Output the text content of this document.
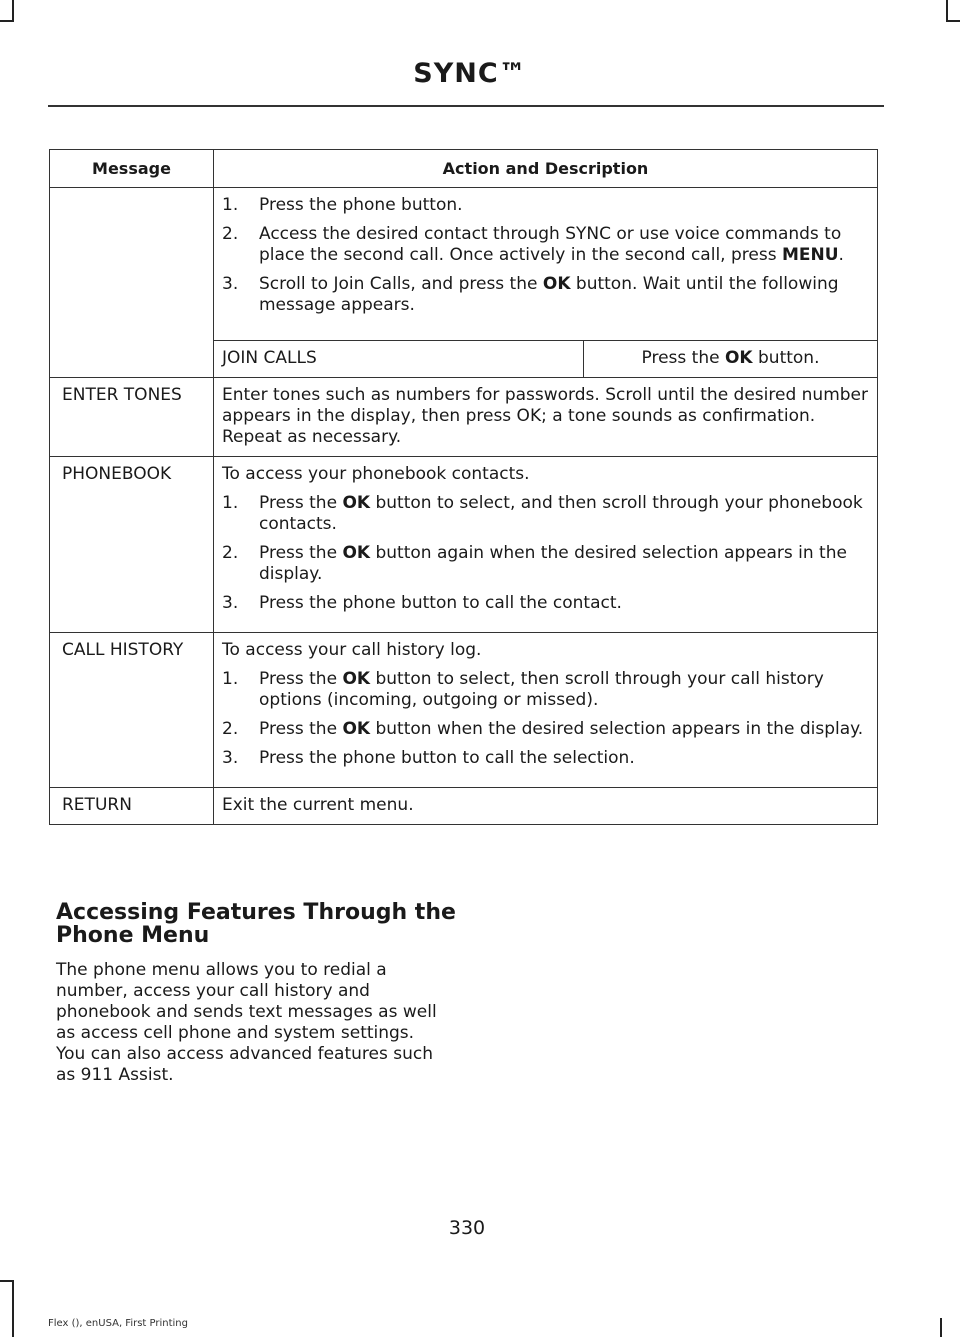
SYNC™
Message	Action and Description

1. Press the phone button.
2. Access the desired contact through SYNC or use voice commands to place the second call. Once actively in the second call, press MENU.
3. Scroll to Join Calls, and press the OK button. Wait until the following message appears.

JOIN CALLS	Press the OK button.

ENTER TONES	Enter tones such as numbers for passwords. Scroll until the desired number appears in the display, then press OK; a tone sounds as confirmation. Repeat as necessary.
PHONEBOOK	To access your phonebook contacts.

1. Press the OK button to select, and then scroll through your phonebook contacts.
2. Press the OK button again when the desired selection appears in the display.
3. Press the phone button to call the contact.

CALL HISTORY	To access your call history log.

1. Press the OK button to select, then scroll through your call history options (incoming, outgoing or missed).
2. Press the OK button when the desired selection appears in the display.
3. Press the phone button to call the selection.

RETURN	Exit the current menu.
Accessing Features Through the Phone Menu
The phone menu allows you to redial a number, access your call history and phonebook and sends text messages as well as access cell phone and system settings. You can also access advanced features such as 911 Assist.
330
Flex (), enUSA, First Printing
